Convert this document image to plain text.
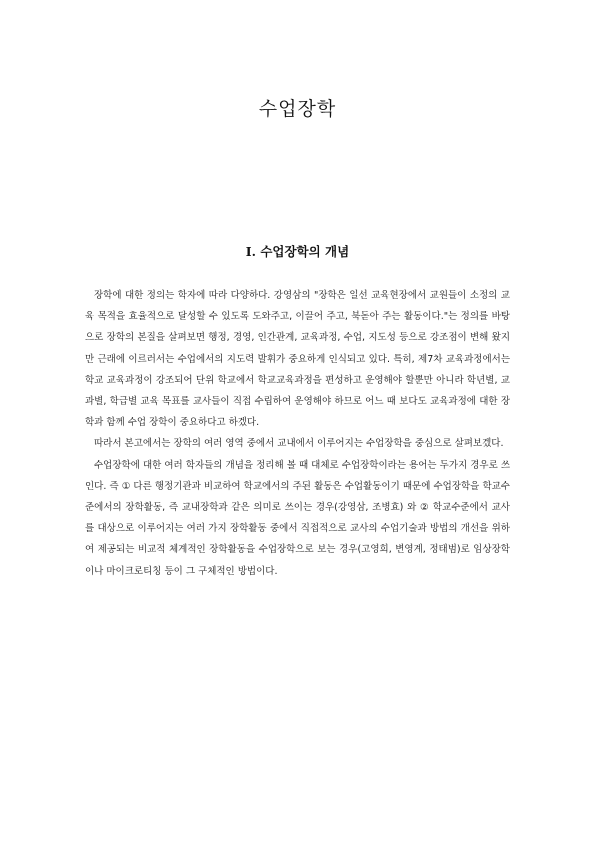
수업장학
Ⅰ. 수업장학의 개념

장학에 대한 정의는 학자에 따라 다양하다. 강영삼의 "장학은 일선 교육현장에서 교원들이 소정의 교육 목적을 효율적으로 달성할 수 있도록 도와주고, 이끌어 주고, 북돋아 주는 활동이다."는 정의를 바탕으로 장학의 본질을 살펴보면 행정, 경영, 인간관계, 교육과정, 수업, 지도성 등으로 강조점이 변해 왔지만 근래에 이르러서는 수업에서의 지도력 발휘가 중요하게 인식되고 있다. 특히, 제7차 교육과정에서는 학교 교육과정이 강조되어 단위 학교에서 학교교육과정을 편성하고 운영해야 할뿐만 아니라 학년별, 교과별, 학급별 교육 목표를 교사들이 직접 수립하여 운영해야 하므로 어느 때 보다도 교육과정에 대한 장학과 함께 수업 장학이 중요하다고 하겠다.

따라서 본고에서는 장학의 여러 영역 중에서 교내에서 이루어지는 수업장학을 중심으로 살펴보겠다.

수업장학에 대한 여러 학자들의 개념을 정리해 볼 때 대체로 수업장학이라는 용어는 두가지 경우로 쓰인다. 즉 ① 다른 행정기관과 비교하여 학교에서의 주된 활동은 수업활동이기 때문에 수업장학을 학교수준에서의 장학활동, 즉 교내장학과 같은 의미로 쓰이는 경우(강영삼, 조병효) 와 ② 학교수준에서 교사를 대상으로 이루어지는 여러 가지 장학활동 중에서 직접적으로 교사의 수업기술과 방법의 개선을 위하여 제공되는 비교적 체계적인 장학활동을 수업장학으로 보는 경우(고영희, 변영계, 정태범)로 임상장학이나 마이크로티칭 등이 그 구체적인 방법이다.
